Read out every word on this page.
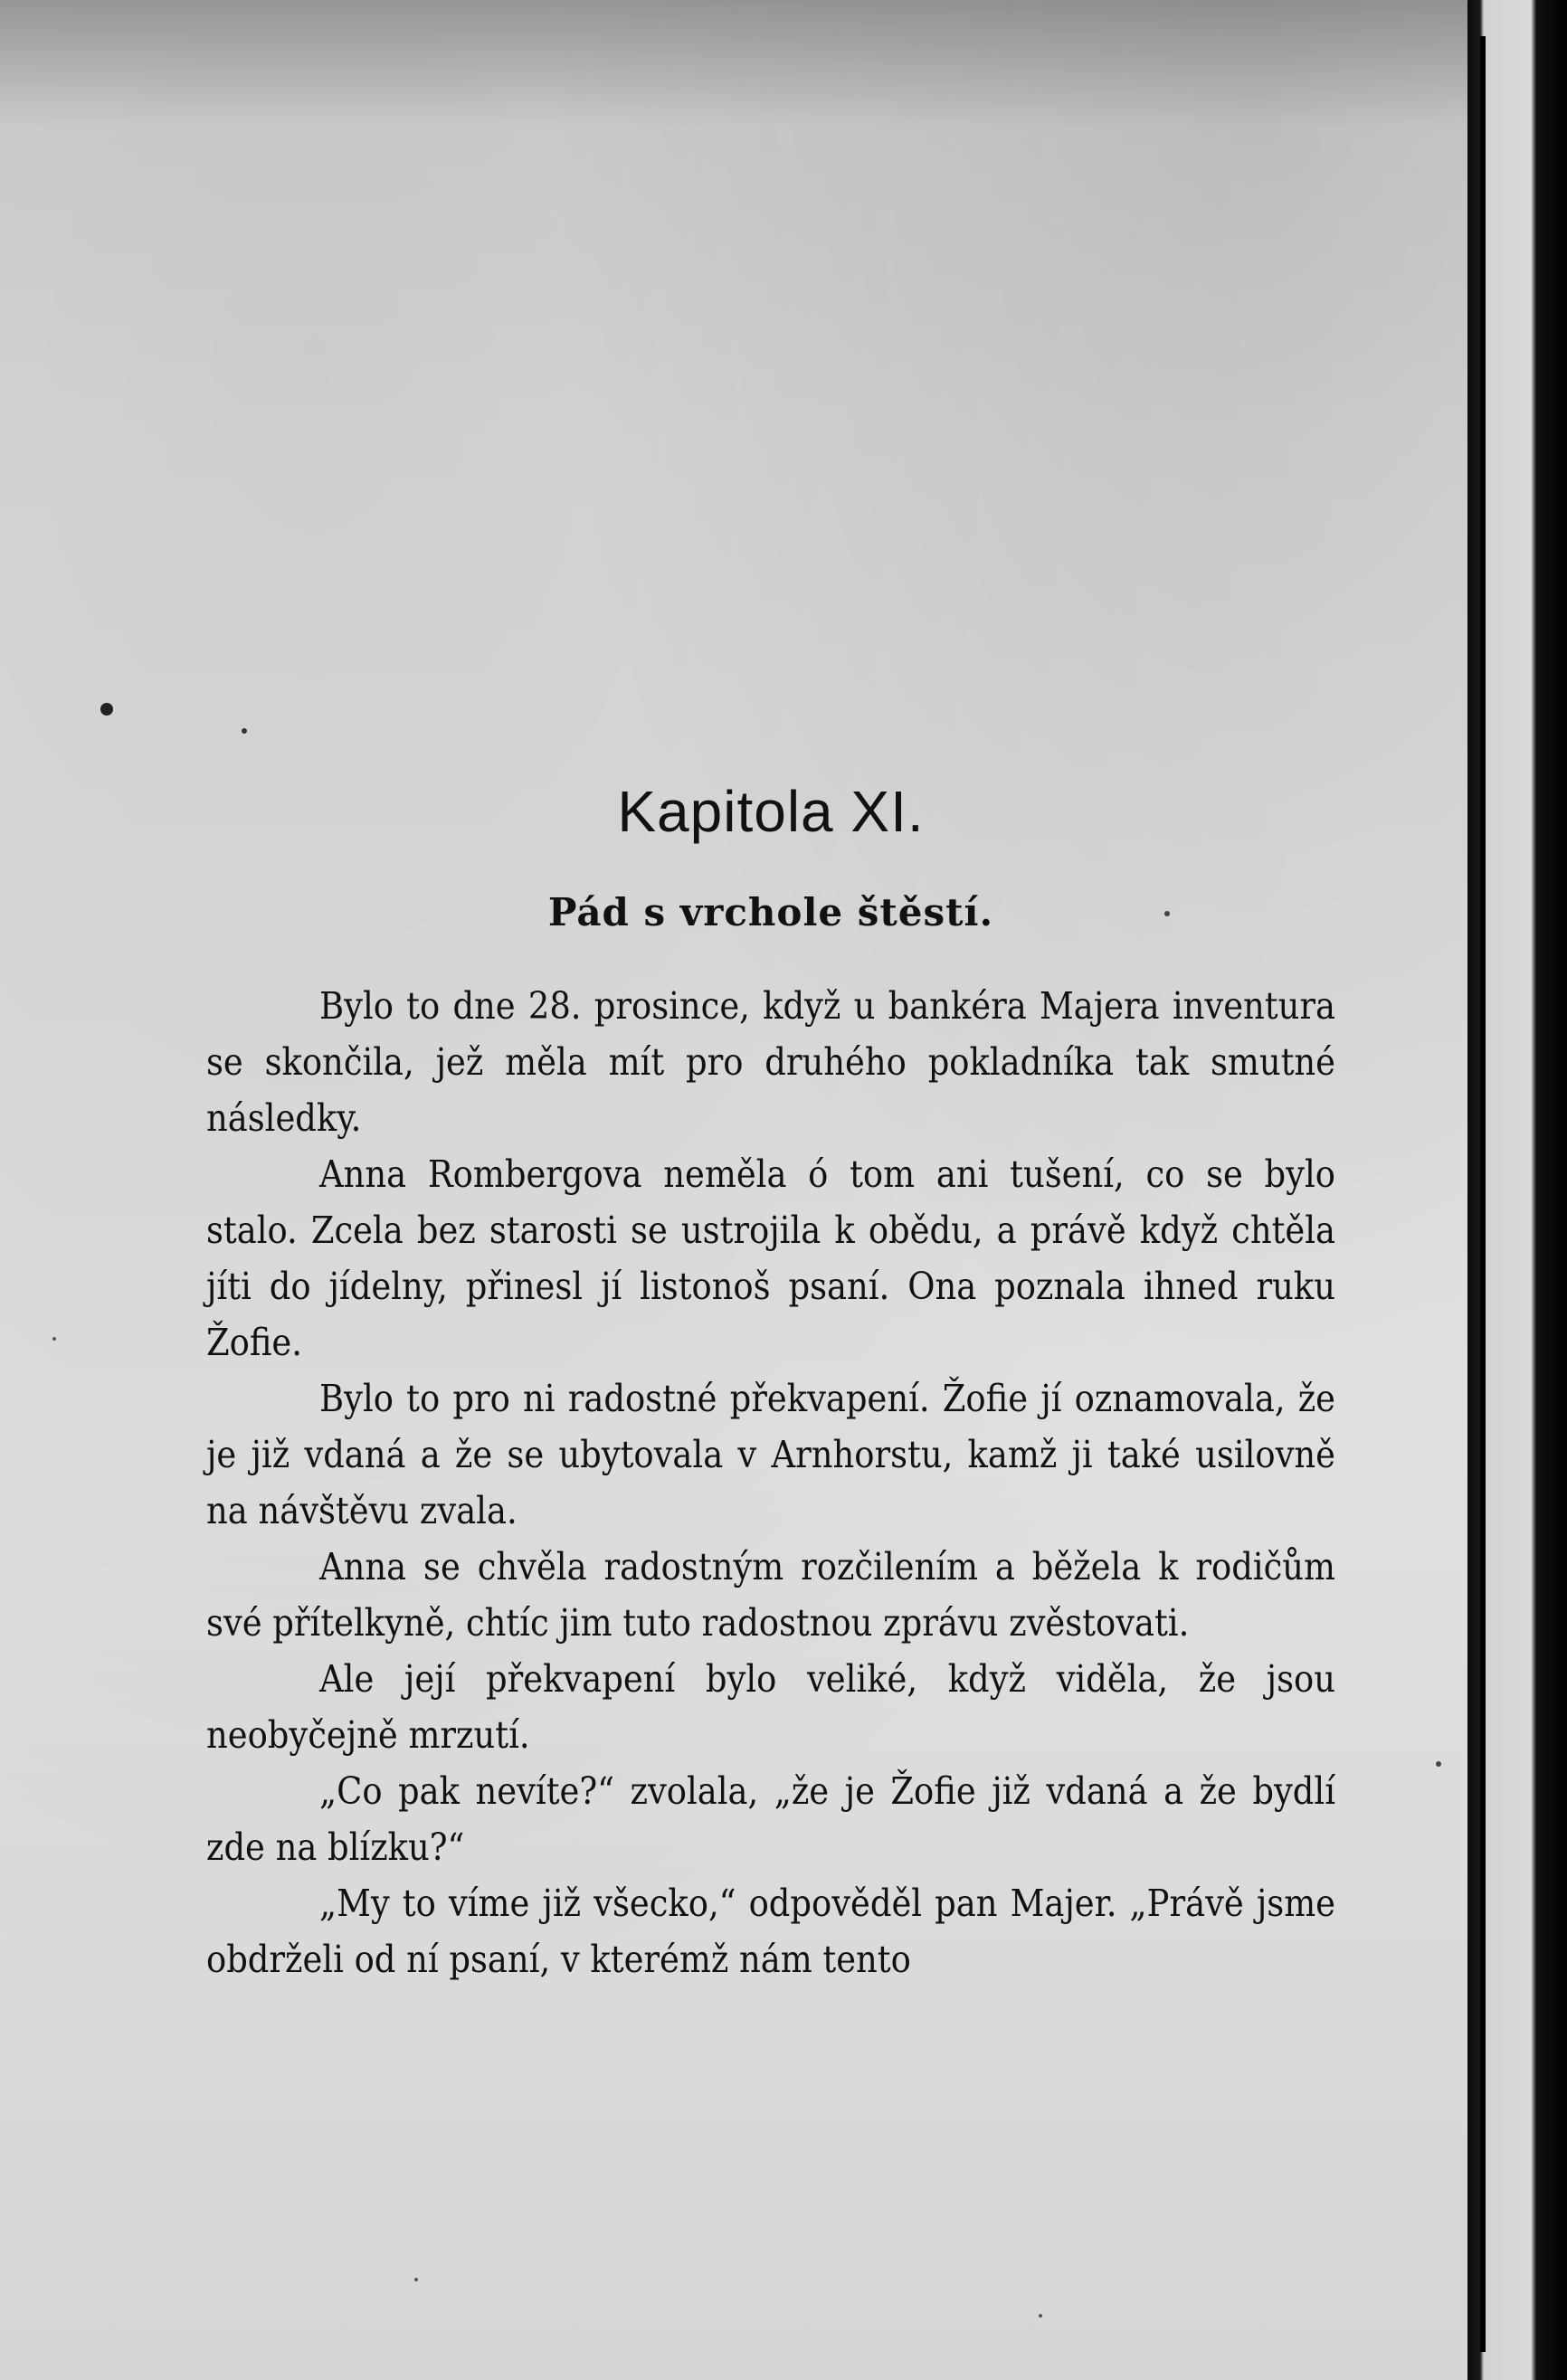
Kapitola XI.
Pád s vrchole štěstí.

Bylo to dne 28. prosince, když u bankéra Majera inventura se skončila, jež měla mít pro druhého pokladníka tak smutné následky.

Anna Rombergova neměla ó tom ani tušení, co se bylo stalo. Zcela bez starosti se ustrojila k obědu, a právě když chtěla jíti do jídelny, přinesl jí listonoš psaní. Ona poznala ihned ruku Žofie.

Bylo to pro ni radostné překvapení. Žofie jí oznamovala, že je již vdaná a že se ubytovala v Arnhorstu, kamž ji také usilovně na návštěvu zvala.

Anna se chvěla radostným rozčilením a běžela k rodičům své přítelkyně, chtíc jim tuto radostnou zprávu zvěstovati.

Ale její překvapení bylo veliké, když viděla, že jsou neobyčejně mrzutí.

„Co pak nevíte?“ zvolala, „že je Žofie již vdaná a že bydlí zde na blízku?“

„My to víme již všecko,“ odpověděl pan Majer. „Právě jsme obdrželi od ní psaní, v kterémž nám tento
